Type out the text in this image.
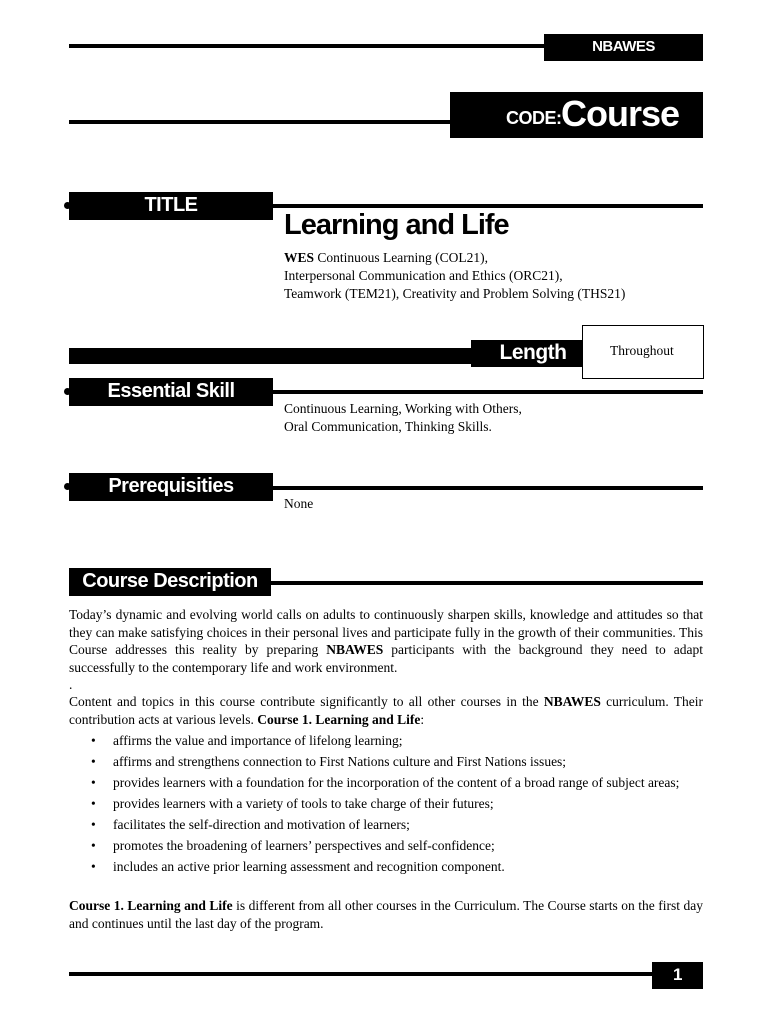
NBAWES
CODE: Course 1
TITLE
Learning and Life
WES Continuous Learning (COL21),
Interpersonal Communication and Ethics (ORC21),
Teamwork (TEM21), Creativity and Problem Solving (THS21)
Length	Throughout
Essential Skill
Continuous Learning, Working with Others,
Oral Communication, Thinking Skills.
Prerequisities
None
Course Description

Today’s dynamic and evolving world calls on adults to continuously sharpen skills, knowledge and attitudes so that they can make satisfying choices in their personal lives and participate fully in the growth of their communities. This Course addresses this reality by preparing NBAWES participants with the background they need to adapt successfully to the contemporary life and work environment.

.

Content and topics in this course contribute significantly to all other courses in the NBAWES curriculum. Their contribution acts at various levels. Course 1. Learning and Life:

• affirms the value and importance of lifelong learning;
• affirms and strengthens connection to First Nations culture and First Nations issues;
• provides learners with a foundation for the incorporation of the content of a broad range of subject areas;
• provides learners with a variety of tools to take charge of their futures;
• facilitates the self-direction and motivation of learners;
• promotes the broadening of learners’ perspectives and self-confidence;
• includes an active prior learning assessment and recognition component.

Course 1. Learning and Life is different from all other courses in the Curriculum. The Course starts on the first day and continues until the last day of the program.

1
